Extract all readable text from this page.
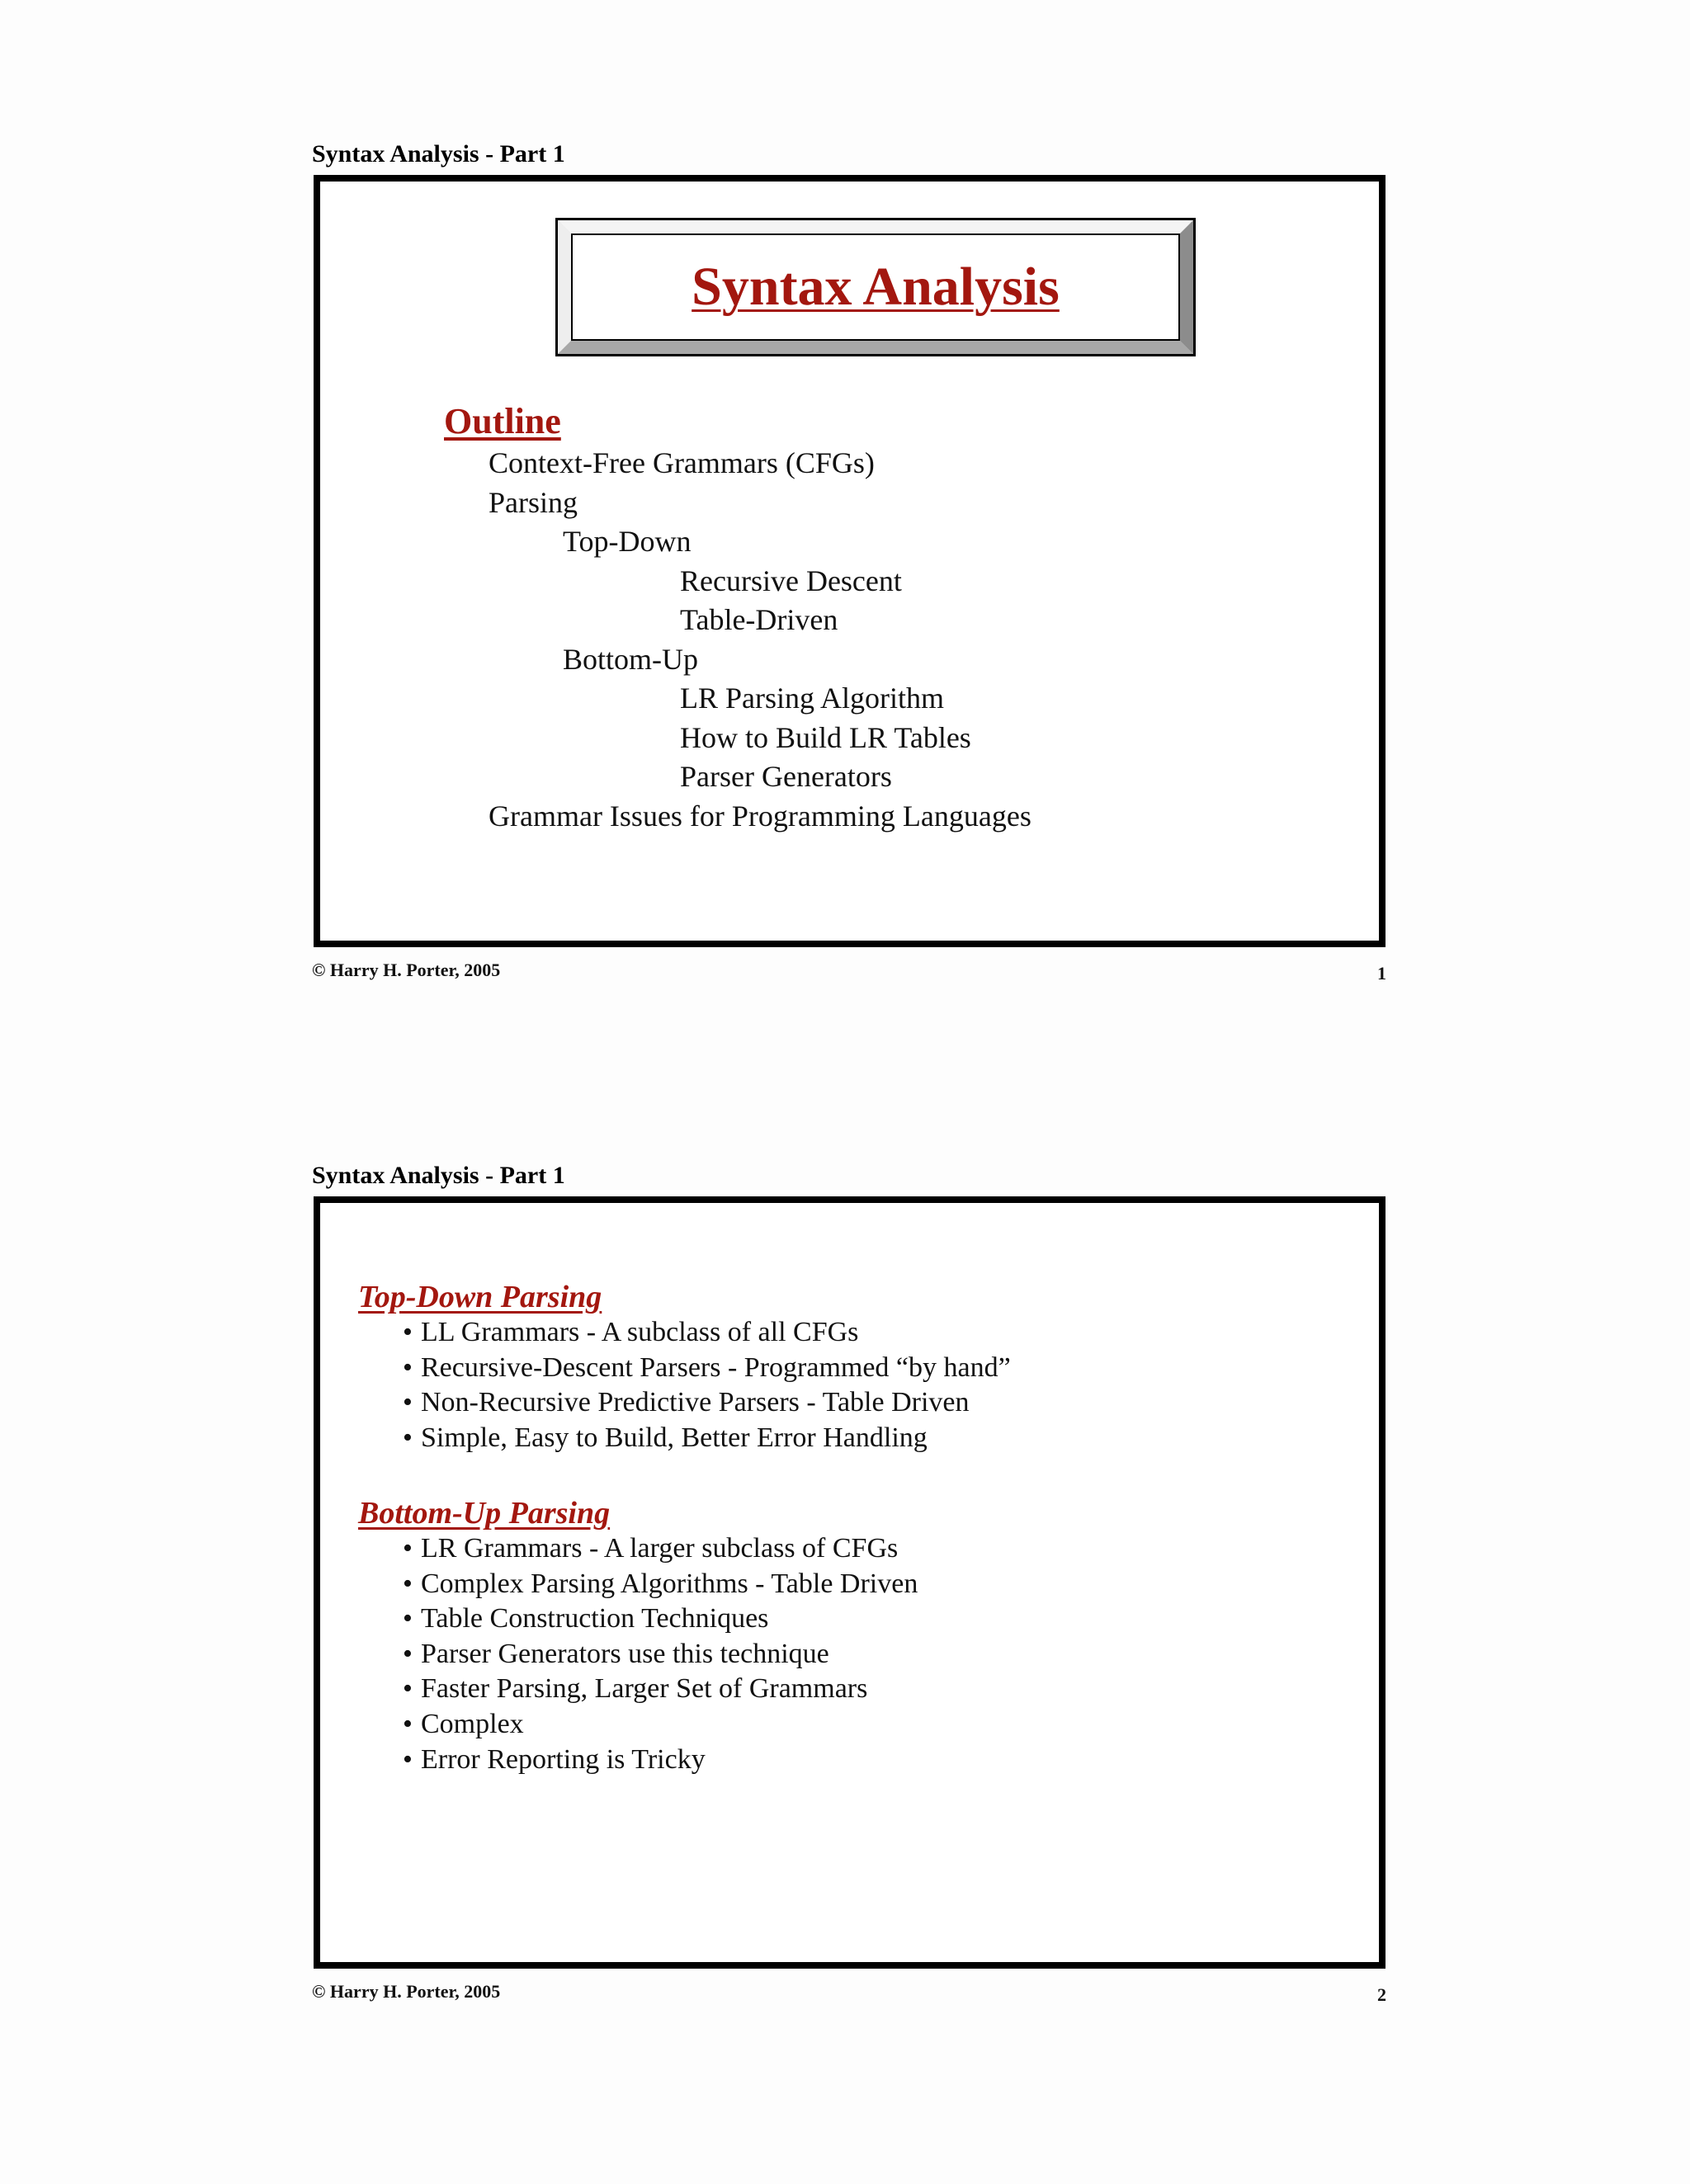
Syntax Analysis - Part 1
Syntax Analysis
Outline
Context-Free Grammars (CFGs)
Parsing
Top-Down
Recursive Descent
Table-Driven
Bottom-Up
LR Parsing Algorithm
How to Build LR Tables
Parser Generators
Grammar Issues for Programming Languages
© Harry H. Porter, 2005	1
Syntax Analysis - Part 1
Top-Down Parsing
• LL Grammars - A subclass of all CFGs
• Recursive-Descent Parsers - Programmed “by hand”
• Non-Recursive Predictive Parsers - Table Driven
• Simple, Easy to Build, Better Error Handling
Bottom-Up Parsing
• LR Grammars - A larger subclass of CFGs
• Complex Parsing Algorithms - Table Driven
• Table Construction Techniques
• Parser Generators use this technique
• Faster Parsing, Larger Set of Grammars
• Complex
• Error Reporting is Tricky
© Harry H. Porter, 2005	2
